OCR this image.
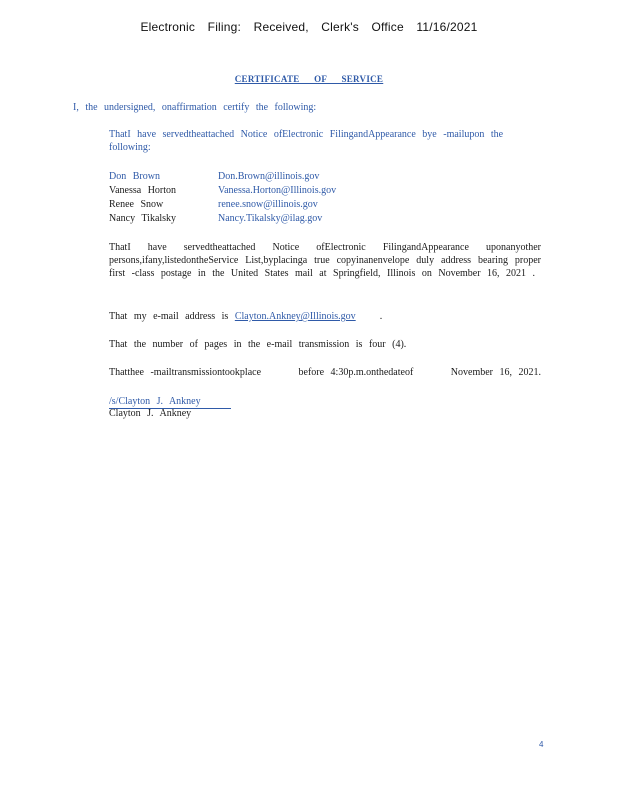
Electronic Filing: Received, Clerk's Office 11/16/2021
CERTIFICATE OF SERVICE
I, the undersigned, onaffirmation certify the following:
ThatI have servedtheattached Notice ofElectronic FilingandAppearance bye -mailupon the following:
Don Brown	Don.Brown@illinois.gov
Vanessa Horton	Vanessa.Horton@Illinois.gov
Renee Snow	renee.snow@illinois.gov
Nancy Tikalsky	Nancy.Tikalsky@ilag.gov
ThatI have servedtheattached Notice ofElectronic FilingandAppearance uponanyother persons,ifany,listedontheService List,byplacinga true copyinanenvelope duly address bearing proper first -class postage in the United States mail at Springfield, Illinois on November 16, 2021 .
That my e-mail address is Clayton.Ankney@Illinois.gov .
That the number of pages in the e-mail transmission is four (4).
Thatthee -mailtransmissiontookplace	before 4:30p.m.onthedateof	November 16, 2021.
/s/Clayton J. Ankney
Clayton J. Ankney
4
